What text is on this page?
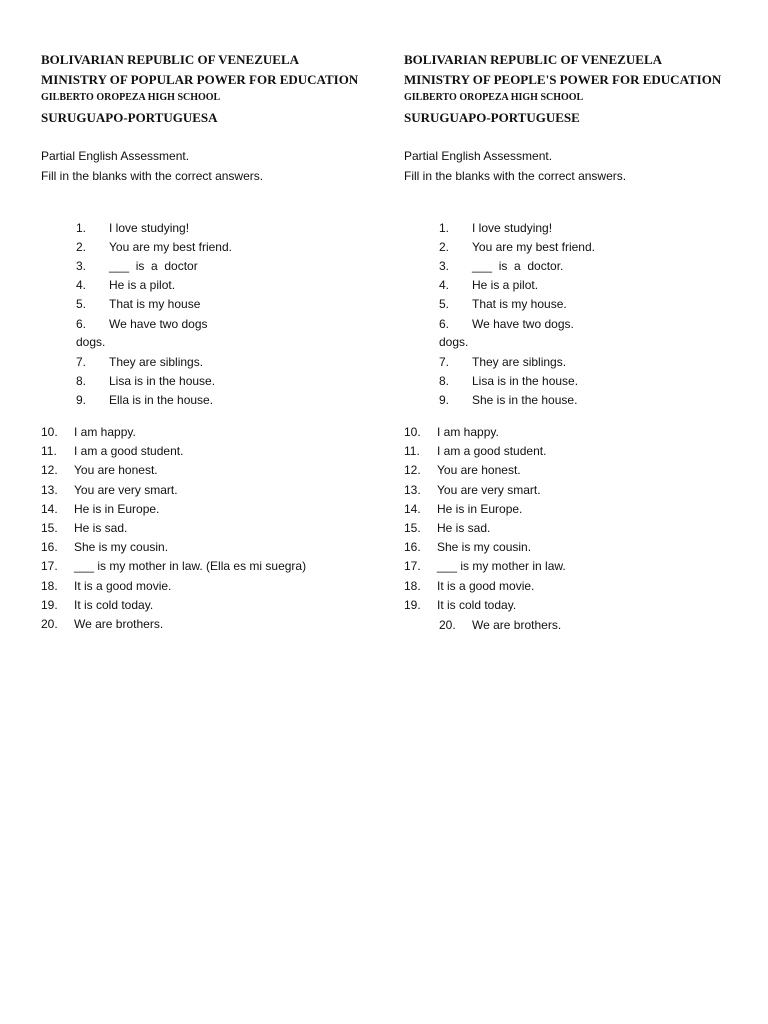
BOLIVARIAN REPUBLIC OF VENEZUELA
MINISTRY OF POPULAR POWER FOR EDUCATION
GILBERTO OROPEZA HIGH SCHOOL
SURUGUAPO-PORTUGUESA
Partial English Assessment.
Fill in the blanks with the correct answers.
1. I love studying!
2. You are my best friend.
3. ___  is  a  doctor
4. He is a pilot.
5. That is my house
6. We have two dogs
dogs.
7. They are siblings.
8. Lisa is in the house.
9. Ella is in the house.
10. I am happy.
11. I am a good student.
12. You are honest.
13. You are very smart.
14. He is in Europe.
15. He is sad.
16. She is my cousin.
17. ___ is my mother in law. (Ella es mi suegra)
18. It is a good movie.
19. It is cold today.
20. We are brothers.
BOLIVARIAN REPUBLIC OF VENEZUELA
MINISTRY OF PEOPLE'S POWER FOR EDUCATION
GILBERTO OROPEZA HIGH SCHOOL
SURUGUAPO-PORTUGUESE
Partial English Assessment.
Fill in the blanks with the correct answers.
1. I love studying!
2. You are my best friend.
3. ___  is  a  doctor.
4. He is a pilot.
5. That is my house.
6. We have two dogs.
dogs.
7. They are siblings.
8. Lisa is in the house.
9. She is in the house.
10. I am happy.
11. I am a good student.
12. You are honest.
13. You are very smart.
14. He is in Europe.
15. He is sad.
16. She is my cousin.
17. ___ is my mother in law.
18. It is a good movie.
19. It is cold today.
20. We are brothers.
